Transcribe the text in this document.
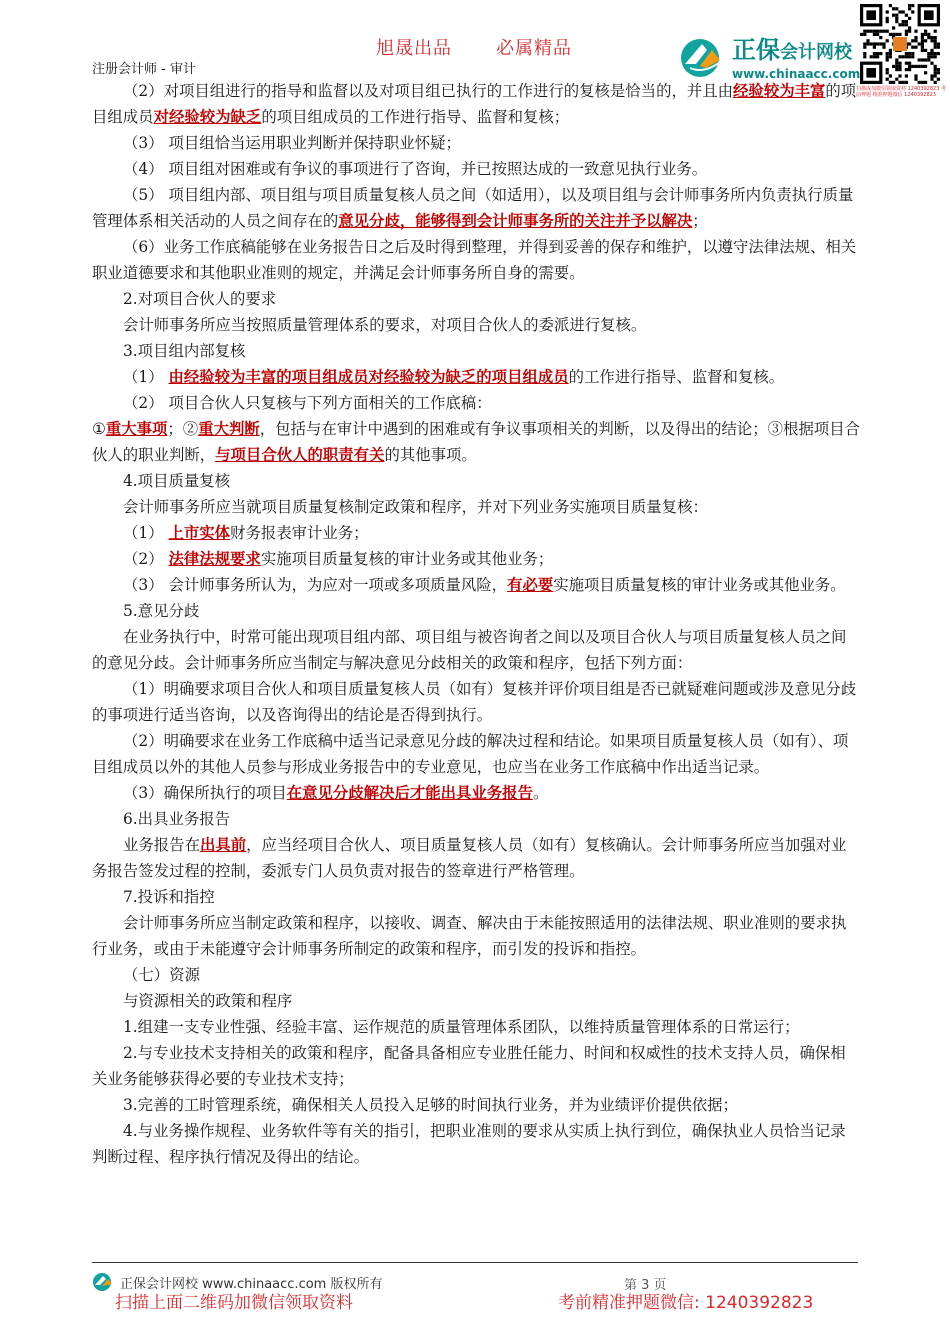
旭晟出品 必属精品
注册会计师 - 审计
正保会计网校
www.chinaacc.com
扫描或加微信领取资料 1240392823 考前押题 精准押题微信 1240392823

（2）对项目组进行的指导和监督以及对项目组已执行的工作进行的复核是恰当的，并且由经验较为丰富的项目组成员对经验较为缺乏的项目组成员的工作进行指导、监督和复核；

（3） 项目组恰当运用职业判断并保持职业怀疑；

（4） 项目组对困难或有争议的事项进行了咨询，并已按照达成的一致意见执行业务。

（5） 项目组内部、项目组与项目质量复核人员之间（如适用），以及项目组与会计师事务所内负责执行质量管理体系相关活动的人员之间存在的意见分歧，能够得到会计师事务所的关注并予以解决；

（6）业务工作底稿能够在业务报告日之后及时得到整理，并得到妥善的保存和维护，以遵守法律法规、相关职业道德要求和其他职业准则的规定，并满足会计师事务所自身的需要。

2.对项目合伙人的要求

会计师事务所应当按照质量管理体系的要求，对项目合伙人的委派进行复核。

3.项目组内部复核

（1） 由经验较为丰富的项目组成员对经验较为缺乏的项目组成员的工作进行指导、监督和复核。

（2） 项目合伙人只复核与下列方面相关的工作底稿：

①重大事项；②重大判断，包括与在审计中遇到的困难或有争议事项相关的判断，以及得出的结论；③根据项目合伙人的职业判断，与项目合伙人的职责有关的其他事项。

4.项目质量复核

会计师事务所应当就项目质量复核制定政策和程序，并对下列业务实施项目质量复核：

（1） 上市实体财务报表审计业务；

（2） 法律法规要求实施项目质量复核的审计业务或其他业务；

（3） 会计师事务所认为，为应对一项或多项质量风险，有必要实施项目质量复核的审计业务或其他业务。

5.意见分歧

在业务执行中，时常可能出现项目组内部、项目组与被咨询者之间以及项目合伙人与项目质量复核人员之间的意见分歧。会计师事务所应当制定与解决意见分歧相关的政策和程序，包括下列方面：

（1）明确要求项目合伙人和项目质量复核人员（如有）复核并评价项目组是否已就疑难问题或涉及意见分歧的事项进行适当咨询，以及咨询得出的结论是否得到执行。

（2）明确要求在业务工作底稿中适当记录意见分歧的解决过程和结论。如果项目质量复核人员（如有）、项目组成员以外的其他人员参与形成业务报告中的专业意见，也应当在业务工作底稿中作出适当记录。

（3）确保所执行的项目在意见分歧解决后才能出具业务报告。

6.出具业务报告

业务报告在出具前，应当经项目合伙人、项目质量复核人员（如有）复核确认。会计师事务所应当加强对业务报告签发过程的控制，委派专门人员负责对报告的签章进行严格管理。

7.投诉和指控

会计师事务所应当制定政策和程序，以接收、调查、解决由于未能按照适用的法律法规、职业准则的要求执行业务，或由于未能遵守会计师事务所制定的政策和程序，而引发的投诉和指控。

（七）资源

与资源相关的政策和程序

1.组建一支专业性强、经验丰富、运作规范的质量管理体系团队，以维持质量管理体系的日常运行；

2.与专业技术支持相关的政策和程序，配备具备相应专业胜任能力、时间和权威性的技术支持人员，确保相关业务能够获得必要的专业技术支持；

3.完善的工时管理系统，确保相关人员投入足够的时间执行业务，并为业绩评价提供依据；

4.与业务操作规程、业务软件等有关的指引，把职业准则的要求从实质上执行到位，确保执业人员恰当记录判断过程、程序执行情况及得出的结论。

正保会计网校 www.chinaacc.com 版权所有	第 3 页
扫描上面二维码加微信领取资料	考前精准押题微信: 1240392823
